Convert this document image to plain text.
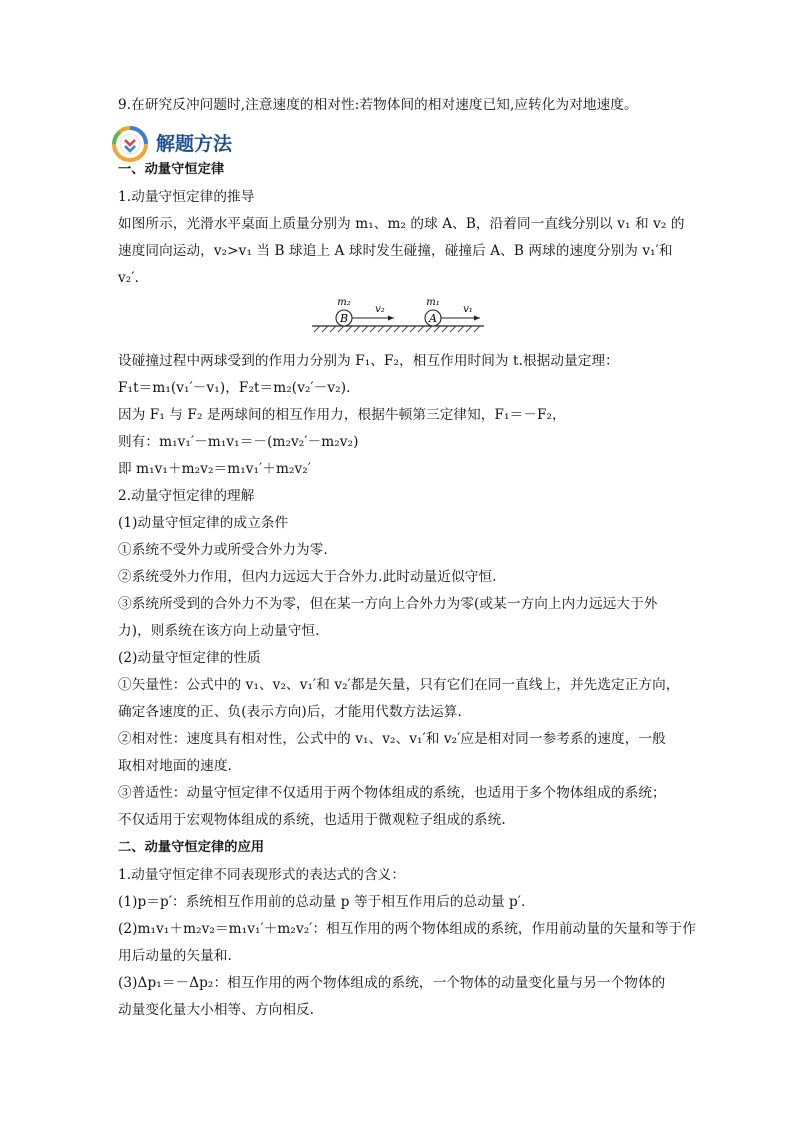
9.在研究反冲问题时,注意速度的相对性:若物体间的相对速度已知,应转化为对地速度。
解题方法
一、动量守恒定律
1.动量守恒定律的推导
如图所示，光滑水平桌面上质量分别为 m₁、m₂ 的球 A、B，沿着同一直线分别以 v₁ 和 v₂ 的
速度同向运动，v₂>v₁ 当 B 球追上 A 球时发生碰撞，碰撞后 A、B 两球的速度分别为 v₁′和
v₂′.
B
m₂
v₂
A
m₁
v₁
设碰撞过程中两球受到的作用力分别为 F₁、F₂，相互作用时间为 t.根据动量定理：
F₁t＝m₁(v₁′－v₁)，F₂t＝m₂(v₂′－v₂).
因为 F₁ 与 F₂ 是两球间的相互作用力，根据牛顿第三定律知，F₁＝－F₂，
则有：m₁v₁′－m₁v₁＝－(m₂v₂′－m₂v₂)
即 m₁v₁＋m₂v₂＝m₁v₁′＋m₂v₂′
2.动量守恒定律的理解
(1)动量守恒定律的成立条件
①系统不受外力或所受合外力为零.
②系统受外力作用，但内力远远大于合外力.此时动量近似守恒.
③系统所受到的合外力不为零，但在某一方向上合外力为零(或某一方向上内力远远大于外
力)，则系统在该方向上动量守恒.
(2)动量守恒定律的性质
①矢量性：公式中的 v₁、v₂、v₁′和 v₂′都是矢量，只有它们在同一直线上，并先选定正方向，
确定各速度的正、负(表示方向)后，才能用代数方法运算.
②相对性：速度具有相对性，公式中的 v₁、v₂、v₁′和 v₂′应是相对同一参考系的速度，一般
取相对地面的速度.
③普适性：动量守恒定律不仅适用于两个物体组成的系统，也适用于多个物体组成的系统；
不仅适用于宏观物体组成的系统，也适用于微观粒子组成的系统.
二、动量守恒定律的应用
1.动量守恒定律不同表现形式的表达式的含义：
(1)p＝p′：系统相互作用前的总动量 p 等于相互作用后的总动量 p′.
(2)m₁v₁＋m₂v₂＝m₁v₁′＋m₂v₂′：相互作用的两个物体组成的系统，作用前动量的矢量和等于作
用后动量的矢量和.
(3)Δp₁＝－Δp₂：相互作用的两个物体组成的系统，一个物体的动量变化量与另一个物体的
动量变化量大小相等、方向相反.
